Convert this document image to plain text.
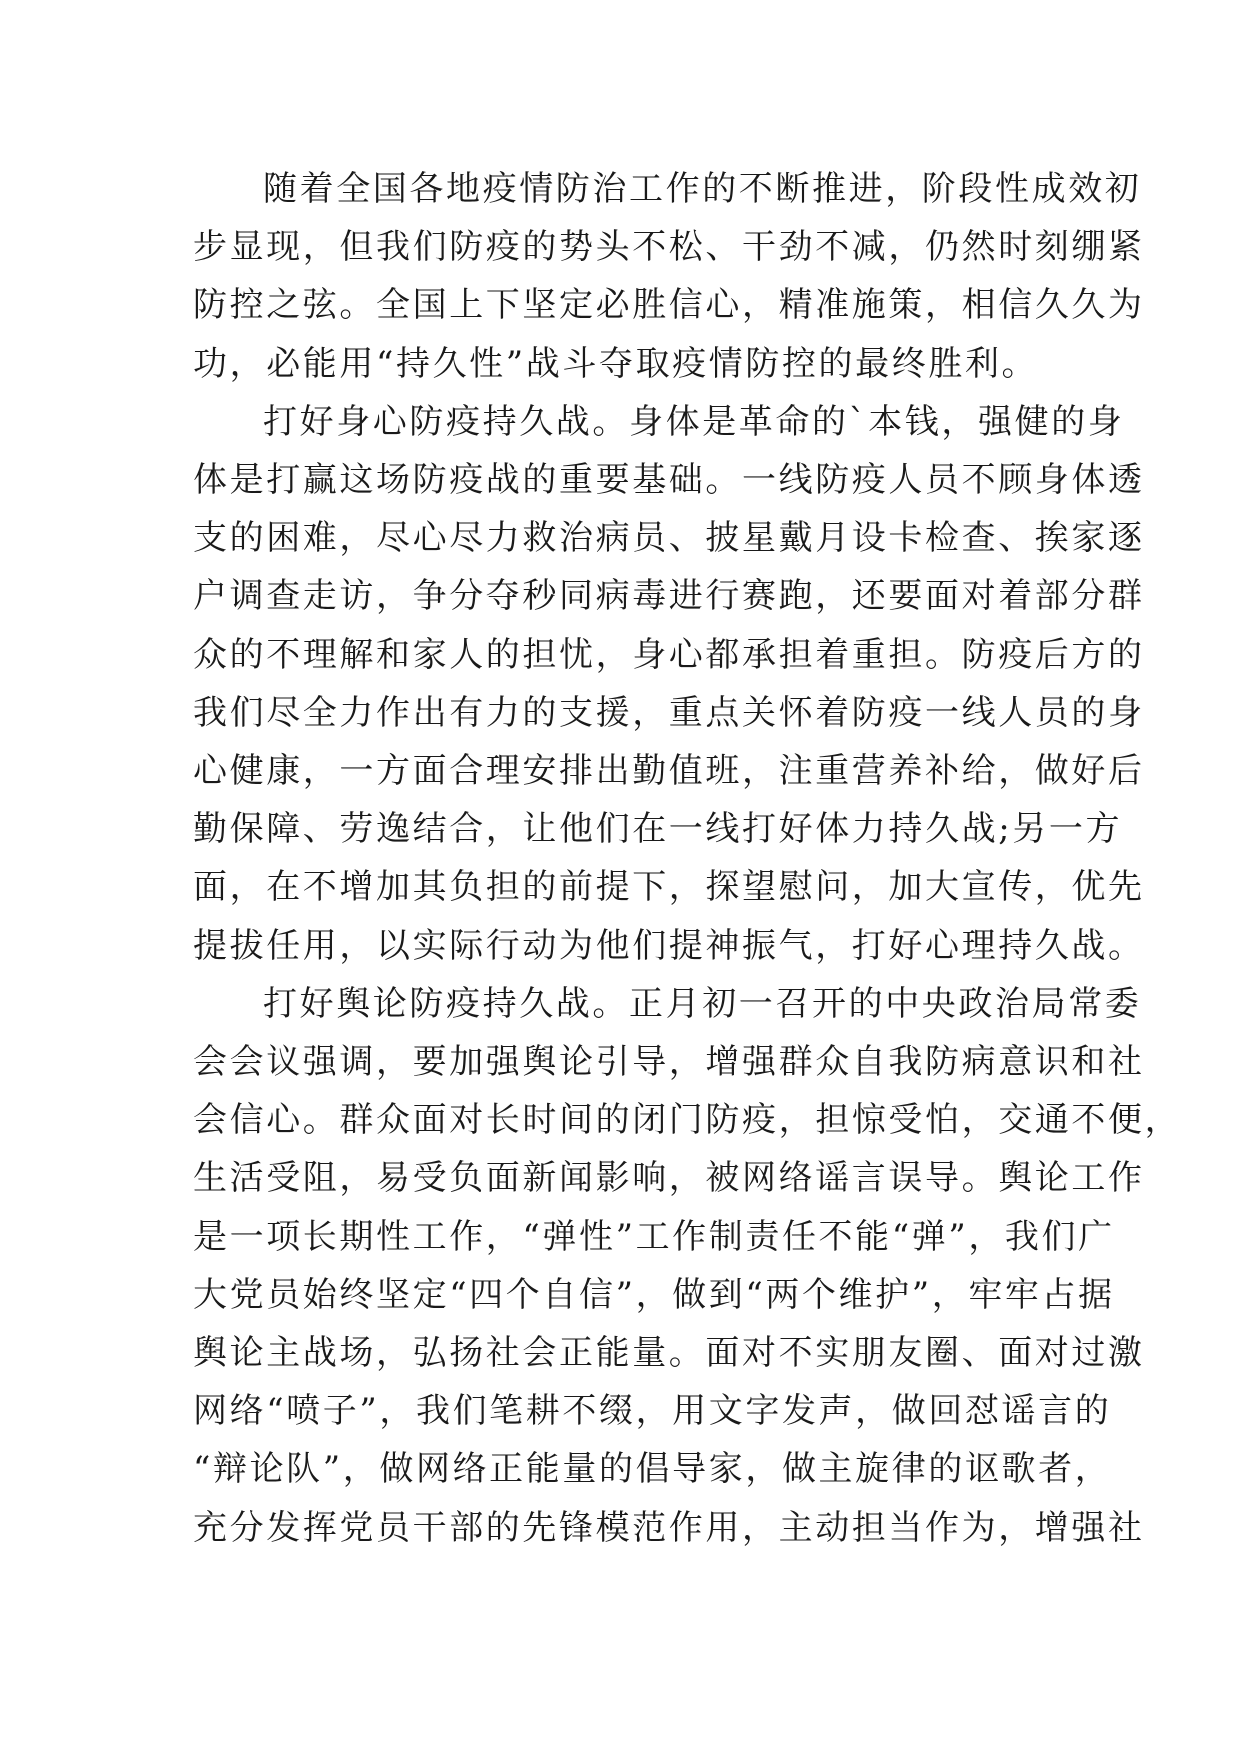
随着全国各地疫情防治工作的不断推进，阶段性成效初
步显现，但我们防疫的势头不松、干劲不减，仍然时刻绷紧
防控之弦。全国上下坚定必胜信心，精准施策，相信久久为
功，必能用“持久性”战斗夺取疫情防控的最终胜利。
打好身心防疫持久战。身体是革命的`本钱，强健的身
体是打赢这场防疫战的重要基础。一线防疫人员不顾身体透
支的困难，尽心尽力救治病员、披星戴月设卡检查、挨家逐
户调查走访，争分夺秒同病毒进行赛跑，还要面对着部分群
众的不理解和家人的担忧，身心都承担着重担。防疫后方的
我们尽全力作出有力的支援，重点关怀着防疫一线人员的身
心健康，一方面合理安排出勤值班，注重营养补给，做好后
勤保障、劳逸结合，让他们在一线打好体力持久战;另一方
面，在不增加其负担的前提下，探望慰问，加大宣传，优先
提拔任用，以实际行动为他们提神振气，打好心理持久战。
打好舆论防疫持久战。正月初一召开的中央政治局常委
会会议强调，要加强舆论引导，增强群众自我防病意识和社
会信心。群众面对长时间的闭门防疫，担惊受怕，交通不便，
生活受阻，易受负面新闻影响，被网络谣言误导。舆论工作
是一项长期性工作，“弹性”工作制责任不能“弹”，我们广
大党员始终坚定“四个自信”，做到“两个维护”，牢牢占据
舆论主战场，弘扬社会正能量。面对不实朋友圈、面对过激
网络“喷子”，我们笔耕不缀，用文字发声，做回怼谣言的
“辩论队”，做网络正能量的倡导家，做主旋律的讴歌者，
充分发挥党员干部的先锋模范作用，主动担当作为，增强社
